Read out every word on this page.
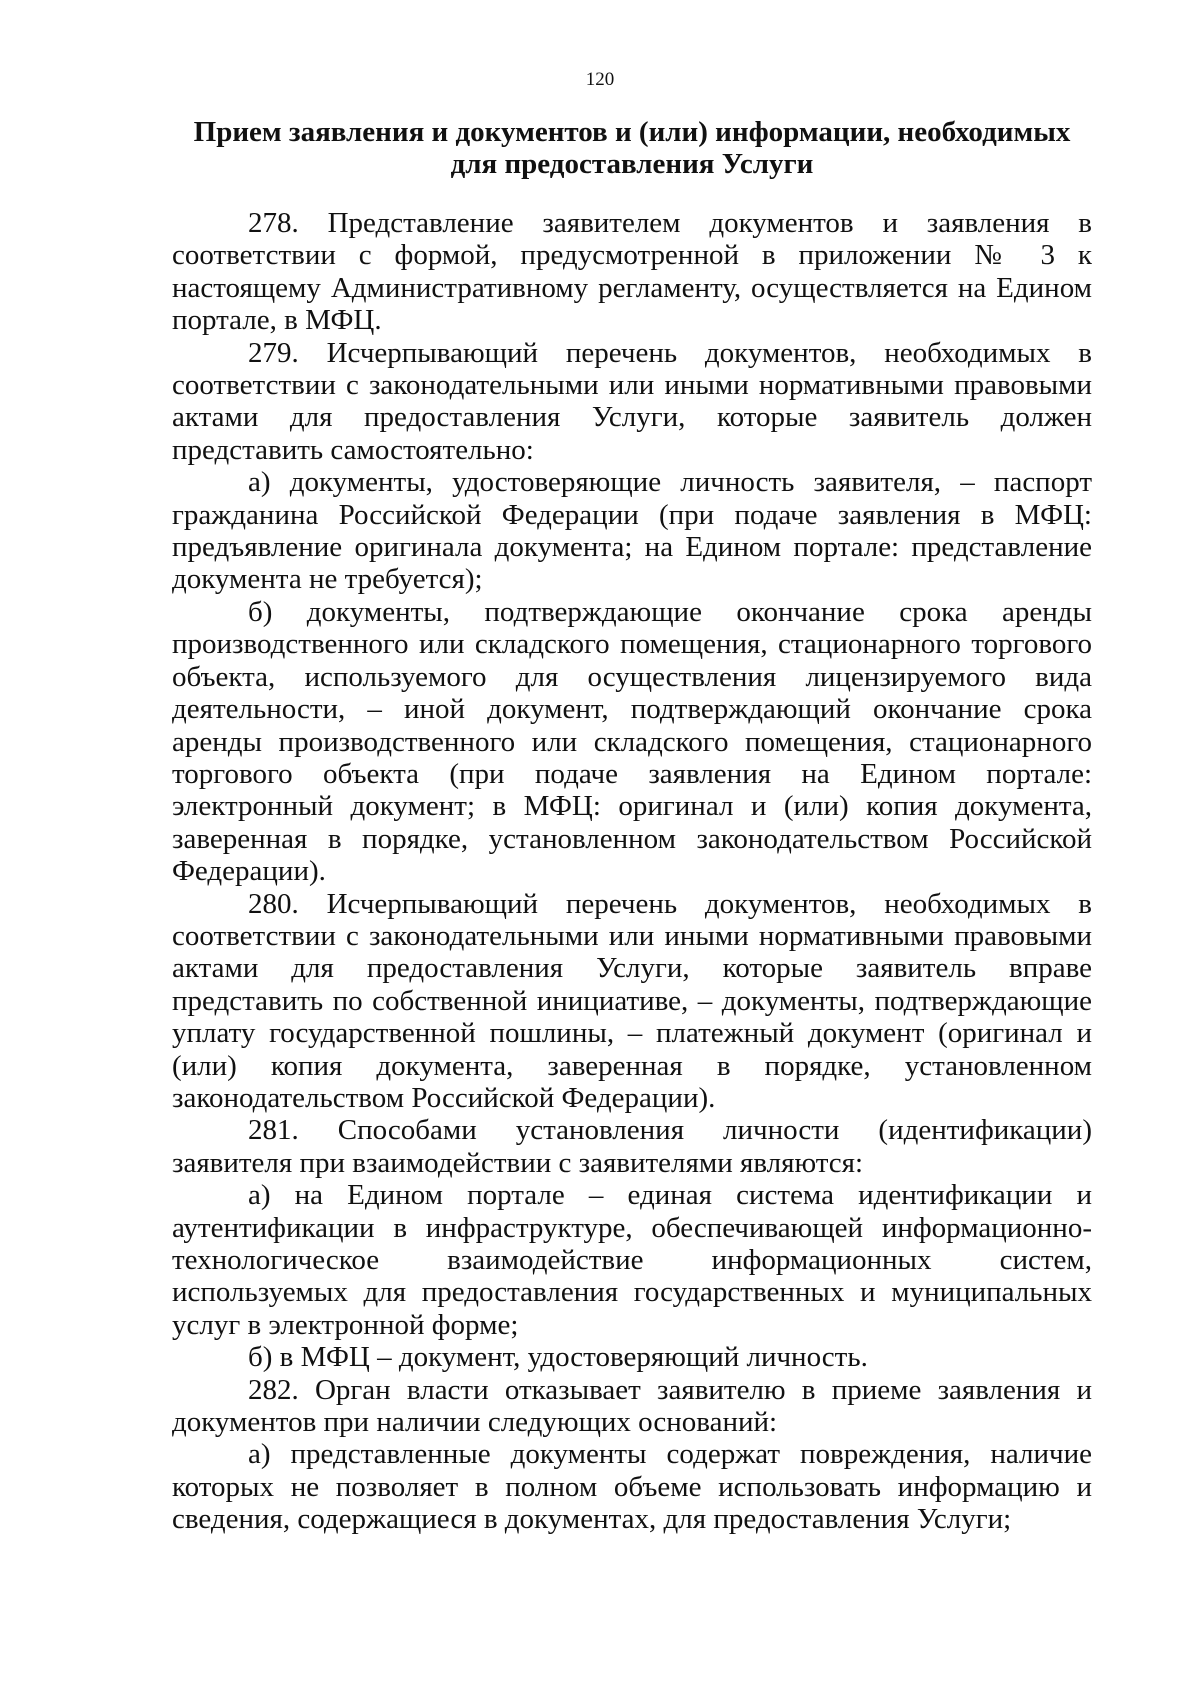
120
Прием заявления и документов и (или) информации, необходимых для предоставления Услуги

278. Представление заявителем документов и заявления в соответствии с формой, предусмотренной в приложении № 3 к настоящему Административному регламенту, осуществляется на Едином портале, в МФЦ.

279. Исчерпывающий перечень документов, необходимых в соответствии с законодательными или иными нормативными правовыми актами для предоставления Услуги, которые заявитель должен представить самостоятельно:

а) документы, удостоверяющие личность заявителя, – паспорт гражданина Российской Федерации (при подаче заявления в МФЦ: предъявление оригинала документа; на Едином портале: представление документа не требуется);

б) документы, подтверждающие окончание срока аренды производственного или складского помещения, стационарного торгового объекта, используемого для осуществления лицензируемого вида деятельности, – иной документ, подтверждающий окончание срока аренды производственного или складского помещения, стационарного торгового объекта (при подаче заявления на Едином портале: электронный документ; в МФЦ: оригинал и (или) копия документа, заверенная в порядке, установленном законодательством Российской Федерации).

280. Исчерпывающий перечень документов, необходимых в соответствии с законодательными или иными нормативными правовыми актами для предоставления Услуги, которые заявитель вправе представить по собственной инициативе, – документы, подтверждающие уплату государственной пошлины, – платежный документ (оригинал и (или) копия документа, заверенная в порядке, установленном законодательством Российской Федерации).

281. Способами установления личности (идентификации) заявителя при взаимодействии с заявителями являются:

а) на Едином портале – единая система идентификации и аутентификации в инфраструктуре, обеспечивающей информационно-технологическое взаимодействие информационных систем, используемых для предоставления государственных и муниципальных услуг в электронной форме;

б) в МФЦ – документ, удостоверяющий личность.

282. Орган власти отказывает заявителю в приеме заявления и документов при наличии следующих оснований:

а) представленные документы содержат повреждения, наличие которых не позволяет в полном объеме использовать информацию и сведения, содержащиеся в документах, для предоставления Услуги;
